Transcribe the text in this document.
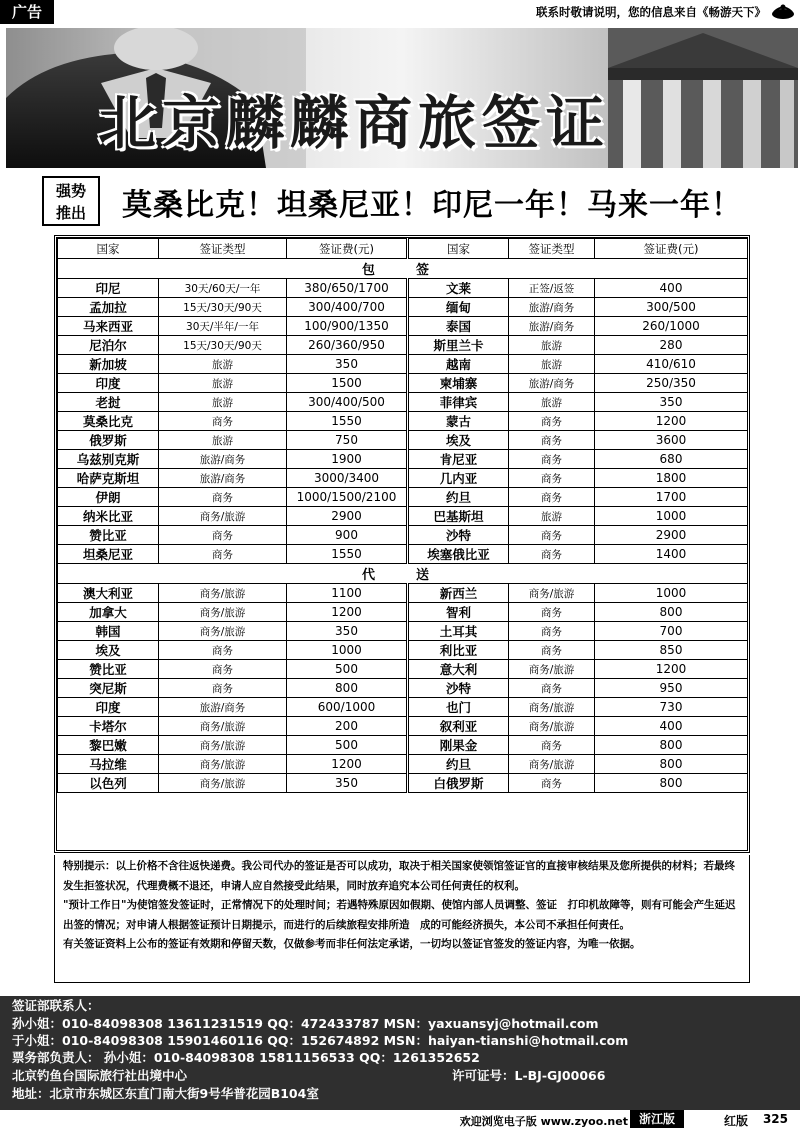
广告	联系时敬请说明，您的信息来自《畅游天下》
北京麟麟商旅签证
强势
推出	莫桑比克！坦桑尼亚！印尼一年！马来一年！
国家	签证类型	签证费(元)	国家	签证类型	签证费(元)
包　签					
印尼	30天/60天/一年	380/650/1700	文莱	正签/返签	400
孟加拉	15天/30天/90天	300/400/700	缅甸	旅游/商务	300/500
马来西亚	30天/半年/一年	100/900/1350	泰国	旅游/商务	260/1000
尼泊尔	15天/30天/90天	260/360/950	斯里兰卡	旅游	280
新加坡	旅游	350	越南	旅游	410/610
印度	旅游	1500	柬埔寨	旅游/商务	250/350
老挝	旅游	300/400/500	菲律宾	旅游	350
莫桑比克	商务	1550	蒙古	商务	1200
俄罗斯	旅游	750	埃及	商务	3600
乌兹别克斯	旅游/商务	1900	肯尼亚	商务	680
哈萨克斯坦	旅游/商务	3000/3400	几内亚	商务	1800
伊朗	商务	1000/1500/2100	约旦	商务	1700
纳米比亚	商务/旅游	2900	巴基斯坦	旅游	1000
赞比亚	商务	900	沙特	商务	2900
坦桑尼亚	商务	1550	埃塞俄比亚	商务	1400
代　送					
澳大利亚	商务/旅游	1100	新西兰	商务/旅游	1000
加拿大	商务/旅游	1200	智利	商务	800
韩国	商务/旅游	350	土耳其	商务	700
埃及	商务	1000	利比亚	商务	850
赞比亚	商务	500	意大利	商务/旅游	1200
突尼斯	商务	800	沙特	商务	950
印度	旅游/商务	600/1000	也门	商务/旅游	730
卡塔尔	商务/旅游	200	叙利亚	商务/旅游	400
黎巴嫩	商务/旅游	500	刚果金	商务	800
马拉维	商务/旅游	1200	约旦	商务/旅游	800
以色列	商务/旅游	350	白俄罗斯	商务	800

特别提示：以上价格不含往返快递费。我公司代办的签证是否可以成功，取决于相关国家使领馆签证官的直接审核结果及您所提供的材料；若最终发生拒签状况，代理费概不退还，申请人应自然接受此结果，同时放弃追究本公司任何责任的权利。

"预计工作日"为使馆签发签证时，正常情况下的处理时间；若遇特殊原因如假期、使馆内部人员调整、签证　打印机故障等，则有可能会产生延迟出签的情况；对申请人根据签证预计日期提示，而进行的后续旅程安排所造　成的可能经济损失，本公司不承担任何责任。

有关签证资料上公布的签证有效期和停留天数，仅做参考而非任何法定承诺，一切均以签证官签发的签证内容，为唯一依据。

签证部联系人：
孙小姐：010-84098308 13611231519 QQ：472433787 MSN：yaxuansyj@hotmail.com
于小姐：010-84098308 15901460116 QQ：152674892 MSN：haiyan-tianshi@hotmail.com
票务部负责人： 孙小姐：010-84098308 15811156533 QQ：1261352652
北京钓鱼台国际旅行社出境中心	许可证号：L-BJ-GJ00066
地址：北京市东城区东直门南大街9号华普花园B104室
欢迎浏览电子版 www.zyoo.net 浙江版	红版 325
